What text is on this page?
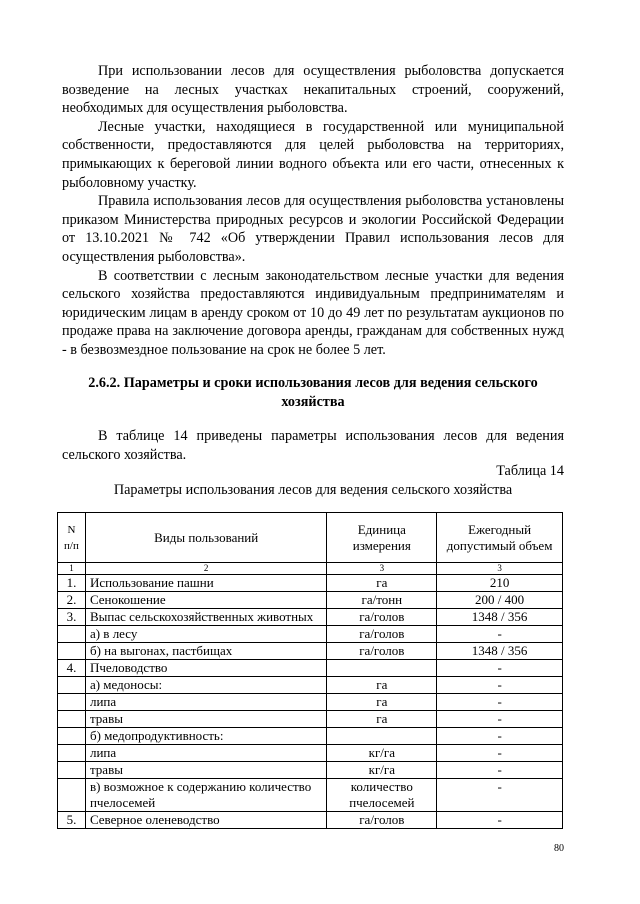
При использовании лесов для осуществления рыболовства допускается возведение на лесных участках некапитальных строений, сооружений, необходимых для осуществления рыболовства.

Лесные участки, находящиеся в государственной или муниципальной собственности, предоставляются для целей рыболовства на территориях, примыкающих к береговой линии водного объекта или его части, отнесенных к рыболовному участку.

Правила использования лесов для осуществления рыболовства установлены приказом Министерства природных ресурсов и экологии Российской Федерации от 13.10.2021 № 742 «Об утверждении Правил использования лесов для осуществления рыболовства».

В соответствии с лесным законодательством лесные участки для ведения сельского хозяйства предоставляются индивидуальным предпринимателям и юридическим лицам в аренду сроком от 10 до 49 лет по результатам аукционов по продаже права на заключение договора аренды, гражданам для собственных нужд - в безвозмездное пользование на срок не более 5 лет.

2.6.2. Параметры и сроки использования лесов для ведения сельского хозяйства

В таблице 14 приведены параметры использования лесов для ведения сельского хозяйства.

Таблица 14
Параметры использования лесов для ведения сельского хозяйства
N п/п	Виды пользований	Единица измерения	Ежегодный допустимый объем
1	2	3	3
1.	Использование пашни	га	210
2.	Сенокошение	га/тонн	200 / 400
3.	Выпас сельскохозяйственных животных	га/голов	1348 / 356
	а) в лесу	га/голов	-
	б) на выгонах, пастбищах	га/голов	1348 / 356
4.	Пчеловодство		-
	а) медоносы:	га	-
	липа	га	-
	травы	га	-
	б) медопродуктивность:		-
	липа	кг/га	-
	травы	кг/га	-
	в) возможное к содержанию количество пчелосемей	количество пчелосемей	-
5.	Северное оленеводство	га/голов	-
80
